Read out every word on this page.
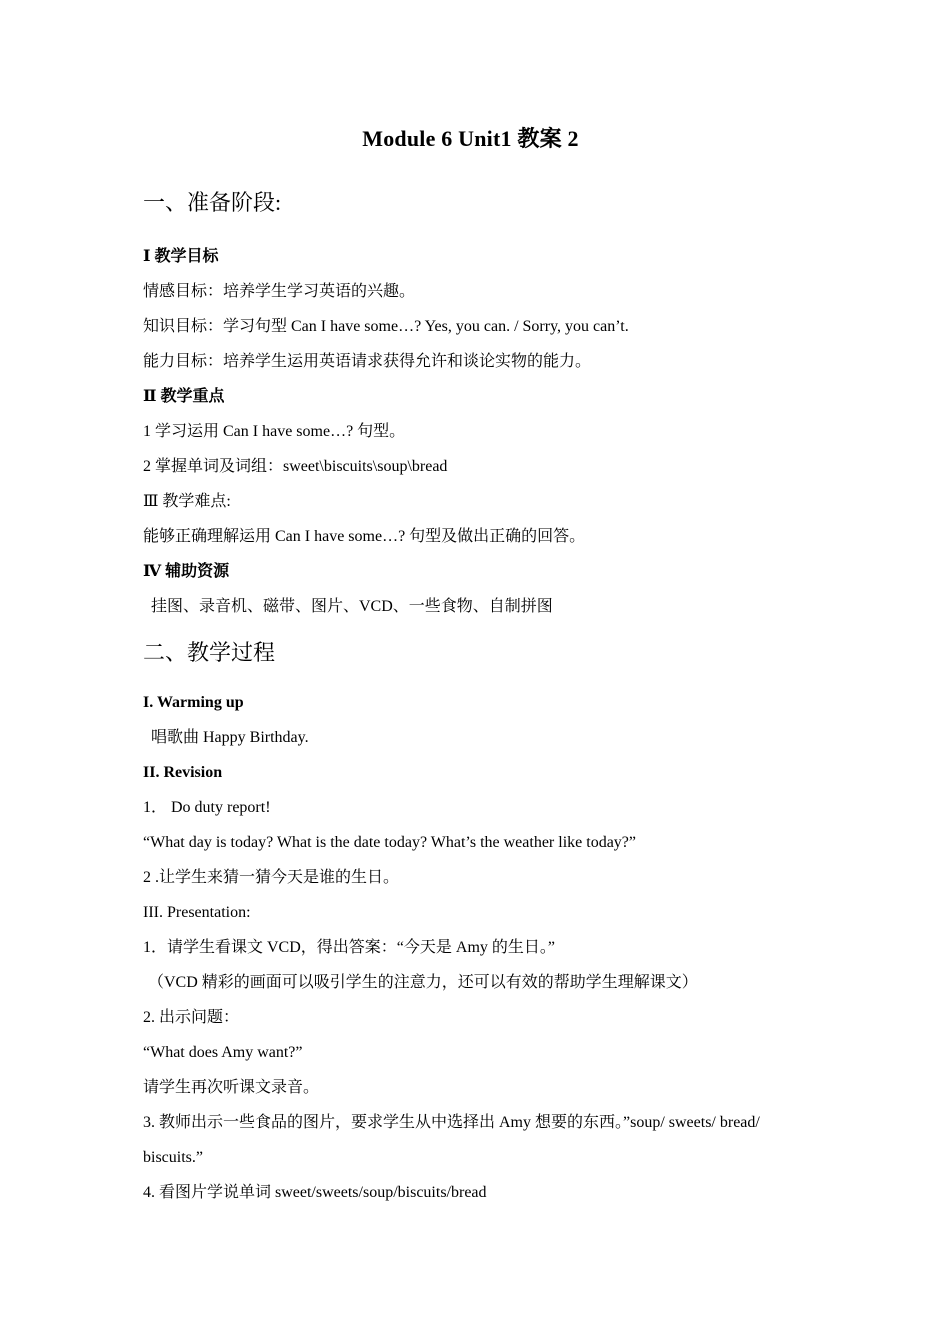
Module 6 Unit1 教案 2
一、准备阶段:
Ⅰ 教学目标
情感目标：培养学生学习英语的兴趣。
知识目标：学习句型 Can I have some…? Yes, you can. / Sorry, you can’t.
能力目标：培养学生运用英语请求获得允许和谈论实物的能力。
Ⅱ 教学重点
1 学习运用 Can I have some…? 句型。
2 掌握单词及词组：sweet\biscuits\soup\bread
Ⅲ 教学难点:
能够正确理解运用 Can I have some…? 句型及做出正确的回答。
Ⅳ 辅助资源
挂图、录音机、磁带、图片、VCD、一些食物、自制拼图
二、教学过程
I. Warming up
唱歌曲 Happy Birthday.
II. Revision
1． Do duty report!
“What day is today? What is the date today? What’s the weather like today?”
2 .让学生来猜一猜今天是谁的生日。
III. Presentation:
1．请学生看课文 VCD，得出答案：“今天是 Amy 的生日。”
（VCD 精彩的画面可以吸引学生的注意力，还可以有效的帮助学生理解课文）
2. 出示问题：
“What does Amy want?”
请学生再次听课文录音。
3. 教师出示一些食品的图片，要求学生从中选择出 Amy 想要的东西。”soup/ sweets/ bread/ biscuits.”
4. 看图片学说单词 sweet/sweets/soup/biscuits/bread
